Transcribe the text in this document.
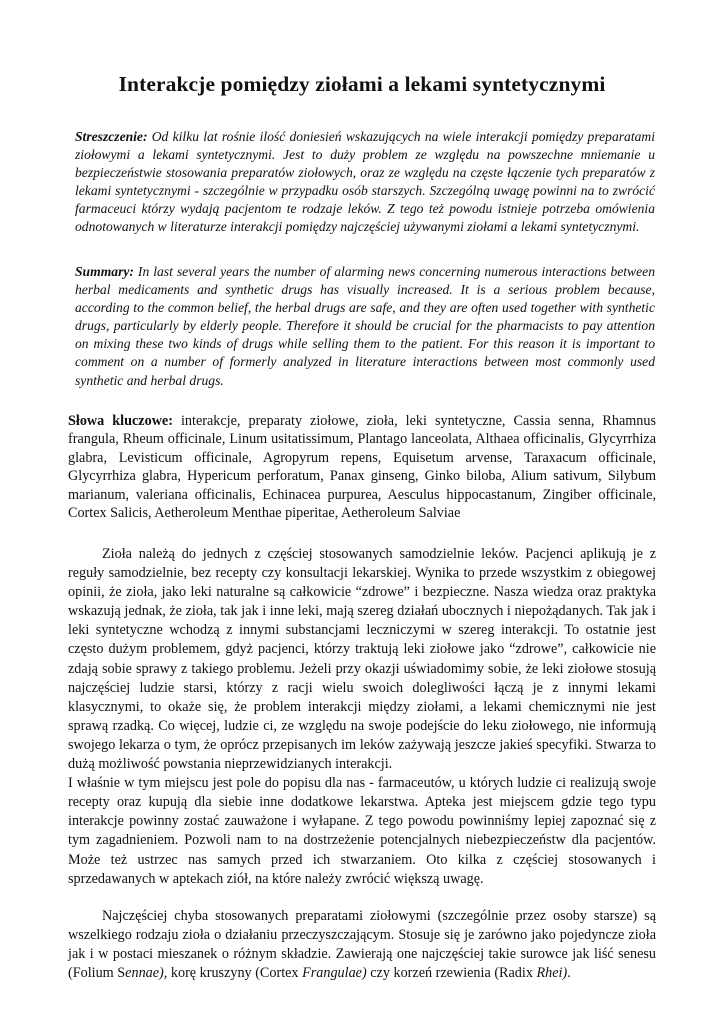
Interakcje pomiędzy ziołami a lekami syntetycznymi

Streszczenie: Od kilku lat rośnie ilość doniesień wskazujących na wiele interakcji pomiędzy preparatami ziołowymi a lekami syntetycznymi. Jest to duży problem ze względu na powszechne mniemanie u bezpieczeństwie stosowania preparatów ziołowych, oraz ze względu na częste łączenie tych preparatów z lekami syntetycznymi - szczególnie w przypadku osób starszych. Szczególną uwagę powinni na to zwrócić farmaceuci którzy wydają pacjentom te rodzaje leków. Z tego też powodu istnieje potrzeba omówienia odnotowanych w literaturze interakcji pomiędzy najczęściej używanymi ziołami a lekami syntetycznymi.

Summary: In last several years the number of alarming news concerning numerous interactions between herbal medicaments and synthetic drugs has visually increased. It is a serious problem because, according to the common belief, the herbal drugs are safe, and they are often used together with synthetic drugs, particularly by elderly people. Therefore it should be crucial for the pharmacists to pay attention on mixing these two kinds of drugs while selling them to the patient. For this reason it is important to comment on a number of formerly analyzed in literature interactions between most commonly used synthetic and herbal drugs.

Słowa kluczowe: interakcje, preparaty ziołowe, zioła, leki syntetyczne, Cassia senna, Rhamnus frangula, Rheum officinale, Linum usitatissimum, Plantago lanceolata, Althaea officinalis, Glycyrrhiza glabra, Levisticum officinale, Agropyrum repens, Equisetum arvense, Taraxacum officinale, Glycyrrhiza glabra, Hypericum perforatum, Panax ginseng, Ginko biloba, Alium sativum, Silybum marianum, valeriana officinalis, Echinacea purpurea, Aesculus hippocastanum, Zingiber officinale, Cortex Salicis, Aetheroleum Menthae piperitae, Aetheroleum Salviae

Zioła należą do jednych z częściej stosowanych samodzielnie leków. Pacjenci aplikują je z reguły samodzielnie, bez recepty czy konsultacji lekarskiej. Wynika to przede wszystkim z obiegowej opinii, że zioła, jako leki naturalne są całkowicie “zdrowe” i bezpieczne. Nasza wiedza oraz praktyka wskazują jednak, że zioła, tak jak i inne leki, mają szereg działań ubocznych i niepożądanych. Tak jak i leki syntetyczne wchodzą z innymi substancjami leczniczymi w szereg interakcji. To ostatnie jest często dużym problemem, gdyż pacjenci, którzy traktują leki ziołowe jako “zdrowe”, całkowicie nie zdają sobie sprawy z takiego problemu. Jeżeli przy okazji uświadomimy sobie, że leki ziołowe stosują najczęściej ludzie starsi, którzy z racji wielu swoich dolegliwości łączą je z innymi lekami klasycznymi, to okaże się, że problem interakcji między ziołami, a lekami chemicznymi nie jest sprawą rzadką. Co więcej, ludzie ci, ze względu na swoje podejście do leku ziołowego, nie informują swojego lekarza o tym, że oprócz przepisanych im leków zażywają jeszcze jakieś specyfiki. Stwarza to dużą możliwość powstania nieprzewidzianych interakcji.

I właśnie w tym miejscu jest pole do popisu dla nas - farmaceutów, u których ludzie ci realizują swoje recepty oraz kupują dla siebie inne dodatkowe lekarstwa. Apteka jest miejscem gdzie tego typu interakcje powinny zostać zauważone i wyłapane. Z tego powodu powinniśmy lepiej zapoznać się z tym zagadnieniem. Pozwoli nam to na dostrzeżenie potencjalnych niebezpieczeństw dla pacjentów. Może też ustrzec nas samych przed ich stwarzaniem. Oto kilka z częściej stosowanych i sprzedawanych w aptekach ziół, na które należy zwrócić większą uwagę.

Najczęściej chyba stosowanych preparatami ziołowymi (szczególnie przez osoby starsze) są wszelkiego rodzaju zioła o działaniu przeczyszczającym. Stosuje się je zarówno jako pojedyncze zioła jak i w postaci mieszanek o różnym składzie. Zawierają one najczęściej takie surowce jak liść senesu (Folium Sennae), korę kruszyny (Cortex Frangulae) czy korzeń rzewienia (Radix Rhei).
